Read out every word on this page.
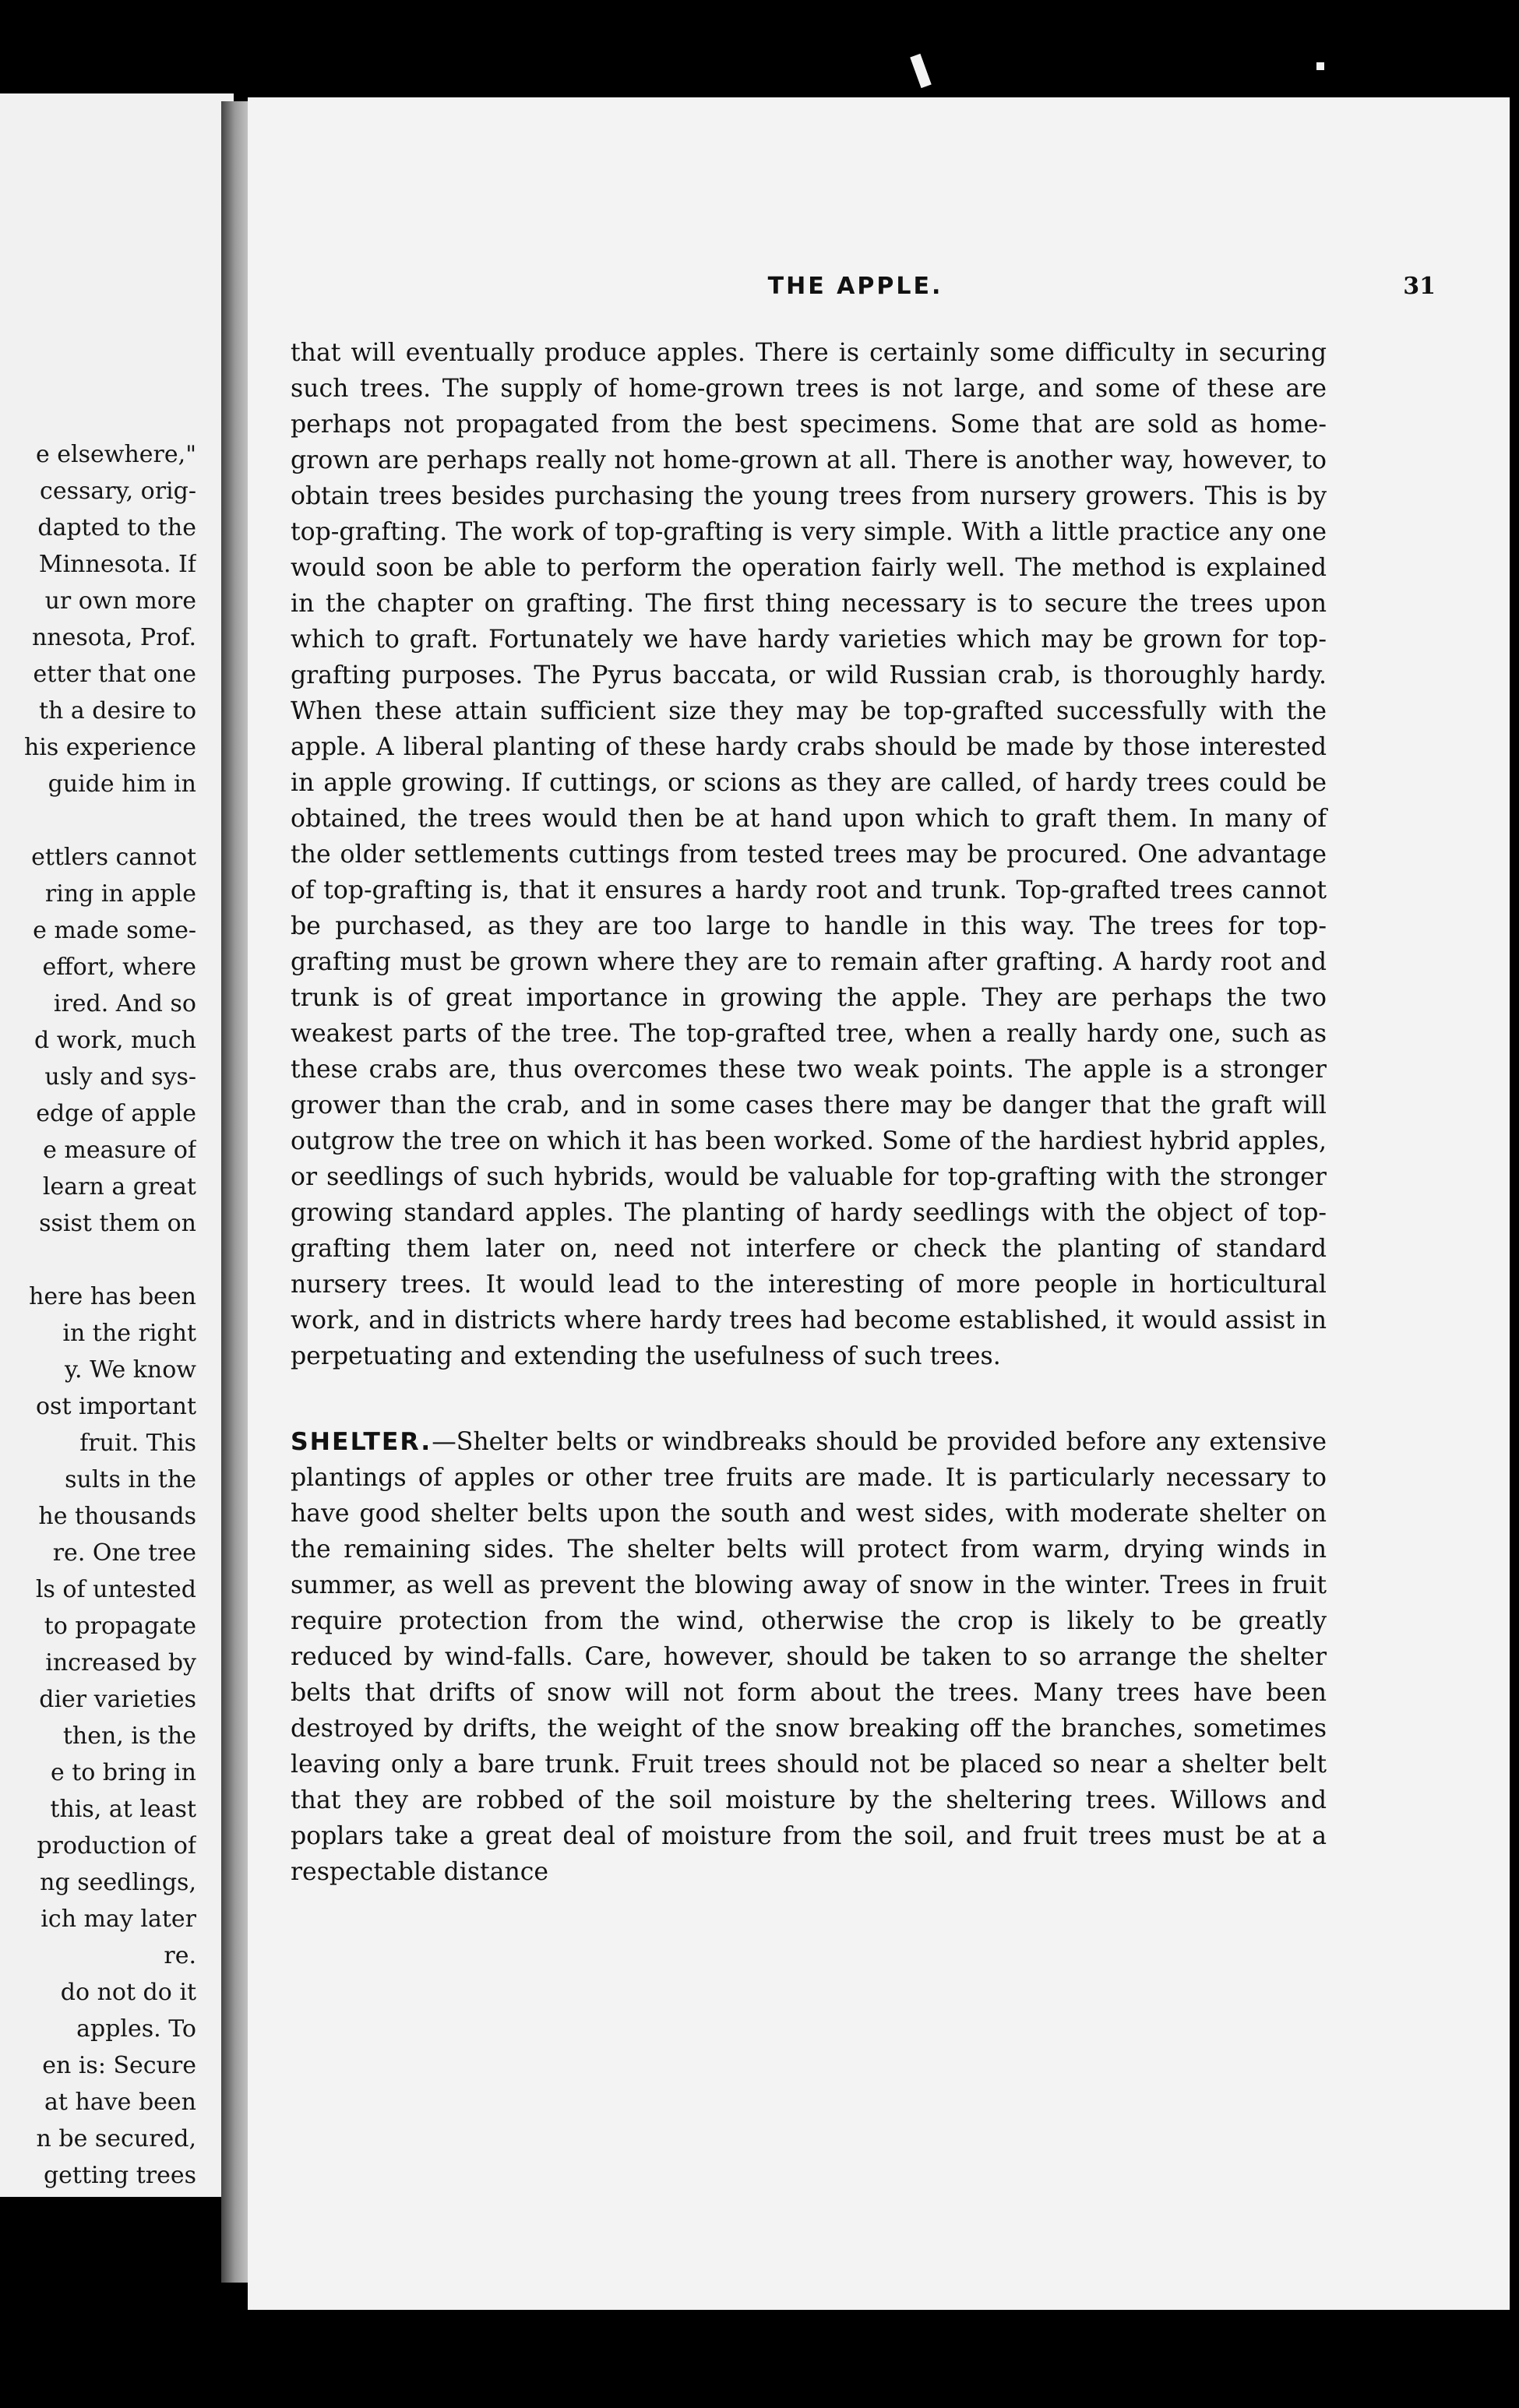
e elsewhere,"
cessary, orig-
dapted to the
Minnesota. If
ur own more
nnesota, Prof.
etter that one
th a desire to
his experience
guide him in
ettlers cannot
ring in apple
e made some-
effort, where
ired. And so
d work, much
usly and sys-
edge of apple
e measure of
learn a great
ssist them on
here has been
in the right
y. We know
ost important
fruit. This
sults in the
he thousands
re. One tree
ls of untested
to propagate
increased by
dier varieties
then, is the
e to bring in
this, at least
production of
ng seedlings,
ich may later
re.
do not do it
apples. To
en is: Secure
at have been
n be secured,
getting trees
THE APPLE.	31

that will eventually produce apples. There is certainly some difficulty in securing such trees. The supply of home-grown trees is not large, and some of these are perhaps not propagated from the best specimens. Some that are sold as home-grown are perhaps really not home-grown at all. There is another way, however, to obtain trees besides purchasing the young trees from nursery growers. This is by top-grafting. The work of top-grafting is very simple. With a little practice any one would soon be able to perform the operation fairly well. The method is explained in the chapter on grafting. The first thing necessary is to secure the trees upon which to graft. Fortunately we have hardy varieties which may be grown for top-grafting purposes. The Pyrus baccata, or wild Russian crab, is thoroughly hardy. When these attain sufficient size they may be top-grafted successfully with the apple. A liberal planting of these hardy crabs should be made by those interested in apple growing. If cuttings, or scions as they are called, of hardy trees could be obtained, the trees would then be at hand upon which to graft them. In many of the older settlements cuttings from tested trees may be procured. One advantage of top-grafting is, that it ensures a hardy root and trunk. Top-grafted trees cannot be purchased, as they are too large to handle in this way. The trees for top-grafting must be grown where they are to remain after grafting. A hardy root and trunk is of great importance in growing the apple. They are perhaps the two weakest parts of the tree. The top-grafted tree, when a really hardy one, such as these crabs are, thus overcomes these two weak points. The apple is a stronger grower than the crab, and in some cases there may be danger that the graft will outgrow the tree on which it has been worked. Some of the hardiest hybrid apples, or seedlings of such hybrids, would be valuable for top-grafting with the stronger growing standard apples. The planting of hardy seedlings with the object of top-grafting them later on, need not interfere or check the planting of standard nursery trees. It would lead to the interesting of more people in horticultural work, and in districts where hardy trees had become established, it would assist in perpetuating and extending the usefulness of such trees.

SHELTER.—Shelter belts or windbreaks should be provided before any extensive plantings of apples or other tree fruits are made. It is particularly necessary to have good shelter belts upon the south and west sides, with moderate shelter on the remaining sides. The shelter belts will protect from warm, drying winds in summer, as well as prevent the blowing away of snow in the winter. Trees in fruit require protection from the wind, otherwise the crop is likely to be greatly reduced by wind-falls. Care, however, should be taken to so arrange the shelter belts that drifts of snow will not form about the trees. Many trees have been destroyed by drifts, the weight of the snow breaking off the branches, sometimes leaving only a bare trunk. Fruit trees should not be placed so near a shelter belt that they are robbed of the soil moisture by the sheltering trees. Willows and poplars take a great deal of moisture from the soil, and fruit trees must be at a respectable distance
